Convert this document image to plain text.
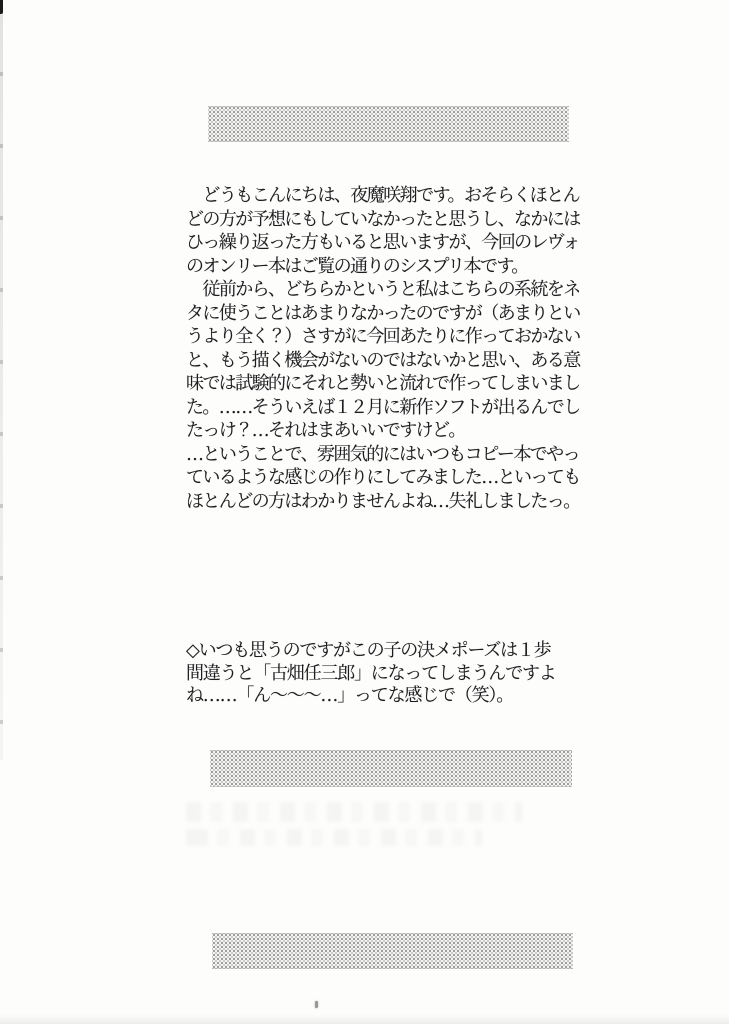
　どうもこんにちは、夜魔咲翔です。おそらくほとん
どの方が予想にもしていなかったと思うし、なかには
ひっ繰り返った方もいると思いますが、今回のレヴォ
のオンリー本はご覧の通りのシスプリ本です。
　従前から、どちらかというと私はこちらの系統をネ
タに使うことはあまりなかったのですが（あまりとい
うより全く？）さすがに今回あたりに作っておかない
と、もう描く機会がないのではないかと思い、ある意
味では試験的にそれと勢いと流れで作ってしまいまし
た。……そういえば１２月に新作ソフトが出るんでし
たっけ？…それはまあいいですけど。
…ということで、雰囲気的にはいつもコピー本でやっ
ているような感じの作りにしてみました…といっても
ほとんどの方はわかりませんよね…失礼しましたっ。
◇いつも思うのですがこの子の決メポーズは１歩
間違うと「古畑任三郎」になってしまうんですよ
ね……「ん～～～…」ってな感じで（笑）。
